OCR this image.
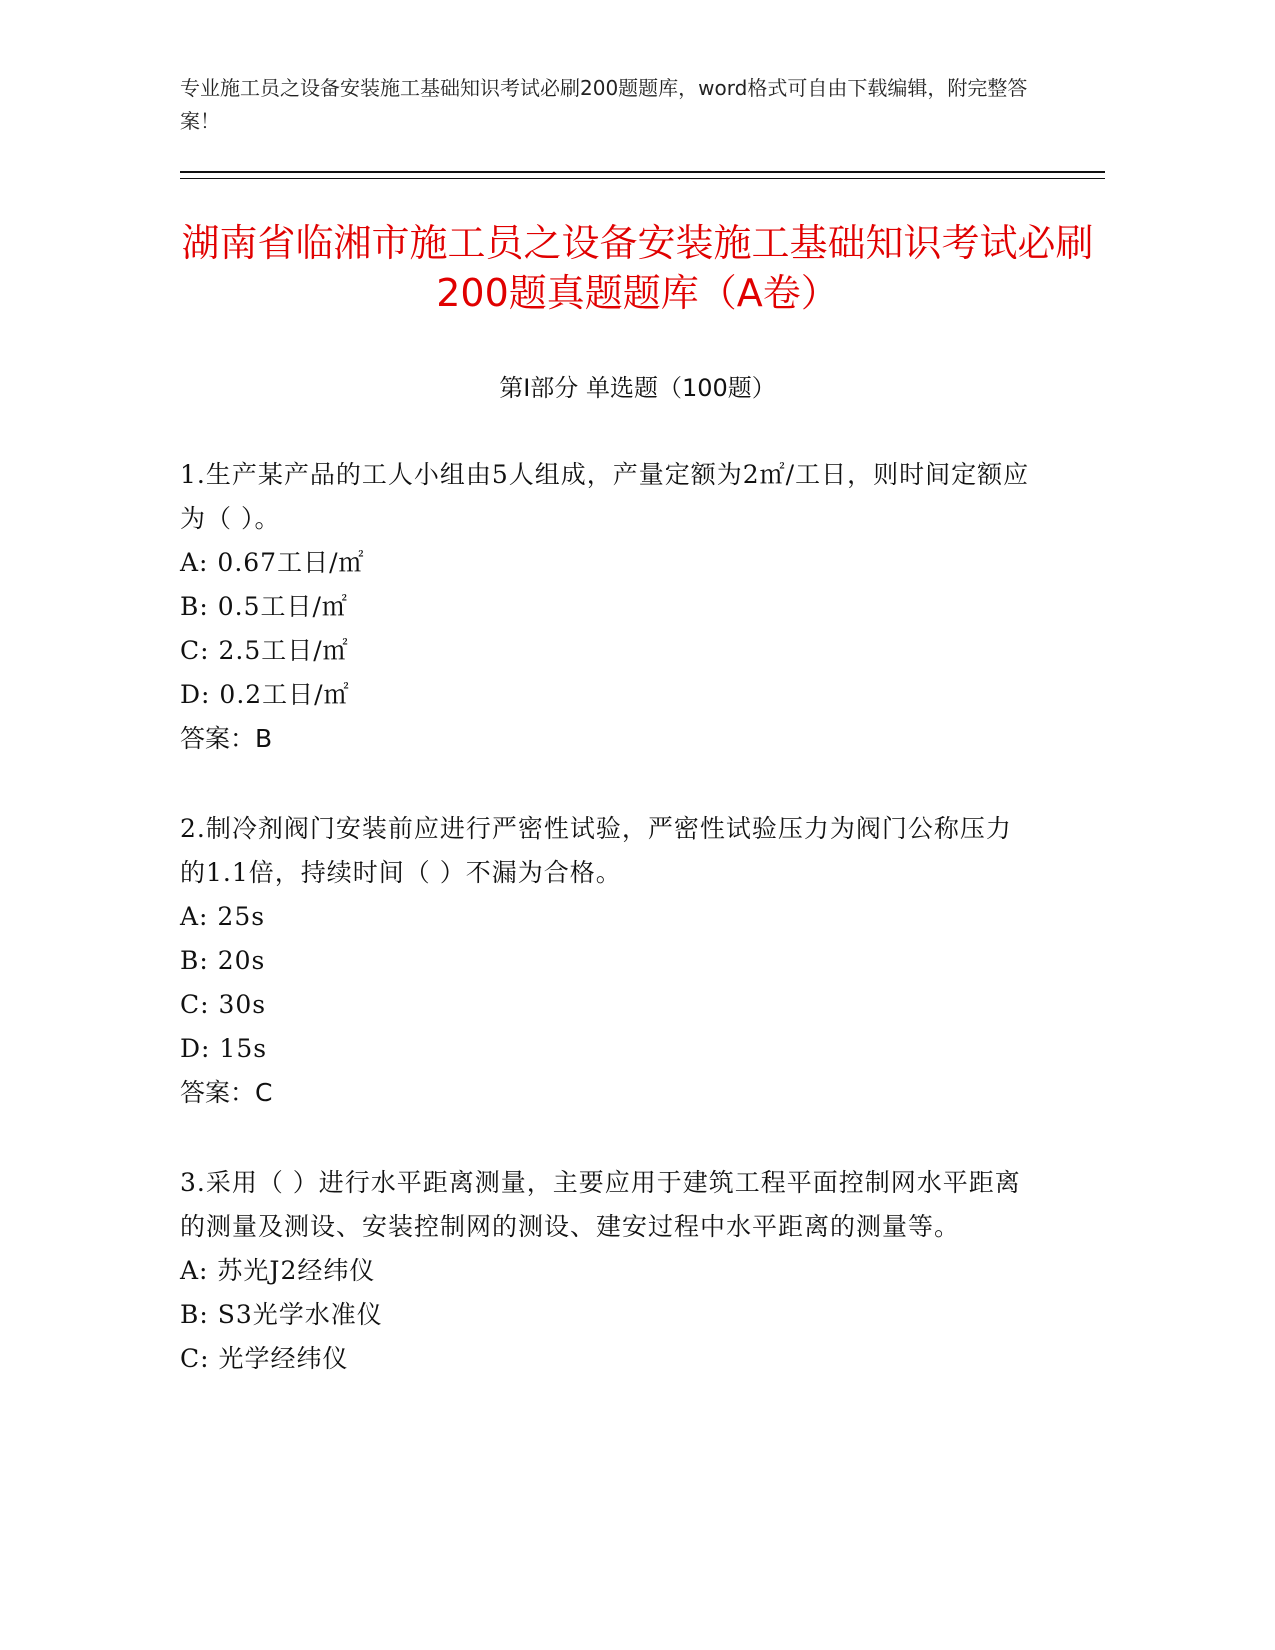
专业施工员之设备安装施工基础知识考试必刷200题题库，word格式可自由下载编辑，附完整答案！
湖南省临湘市施工员之设备安装施工基础知识考试必刷200题真题题库（A卷）
第Ⅰ部分 单选题（100题）

1.生产某产品的工人小组由5人组成，产量定额为2㎡/工日，则时间定额应为（ ）。

A: 0.67工日/㎡

B: 0.5工日/㎡

C: 2.5工日/㎡

D: 0.2工日/㎡

答案：B

2.制冷剂阀门安装前应进行严密性试验，严密性试验压力为阀门公称压力的1.1倍，持续时间（ ）不漏为合格。

A: 25s

B: 20s

C: 30s

D: 15s

答案：C

3.采用（ ）进行水平距离测量，主要应用于建筑工程平面控制网水平距离的测量及测设、安装控制网的测设、建安过程中水平距离的测量等。

A: 苏光J2经纬仪

B: S3光学水准仪

C: 光学经纬仪
